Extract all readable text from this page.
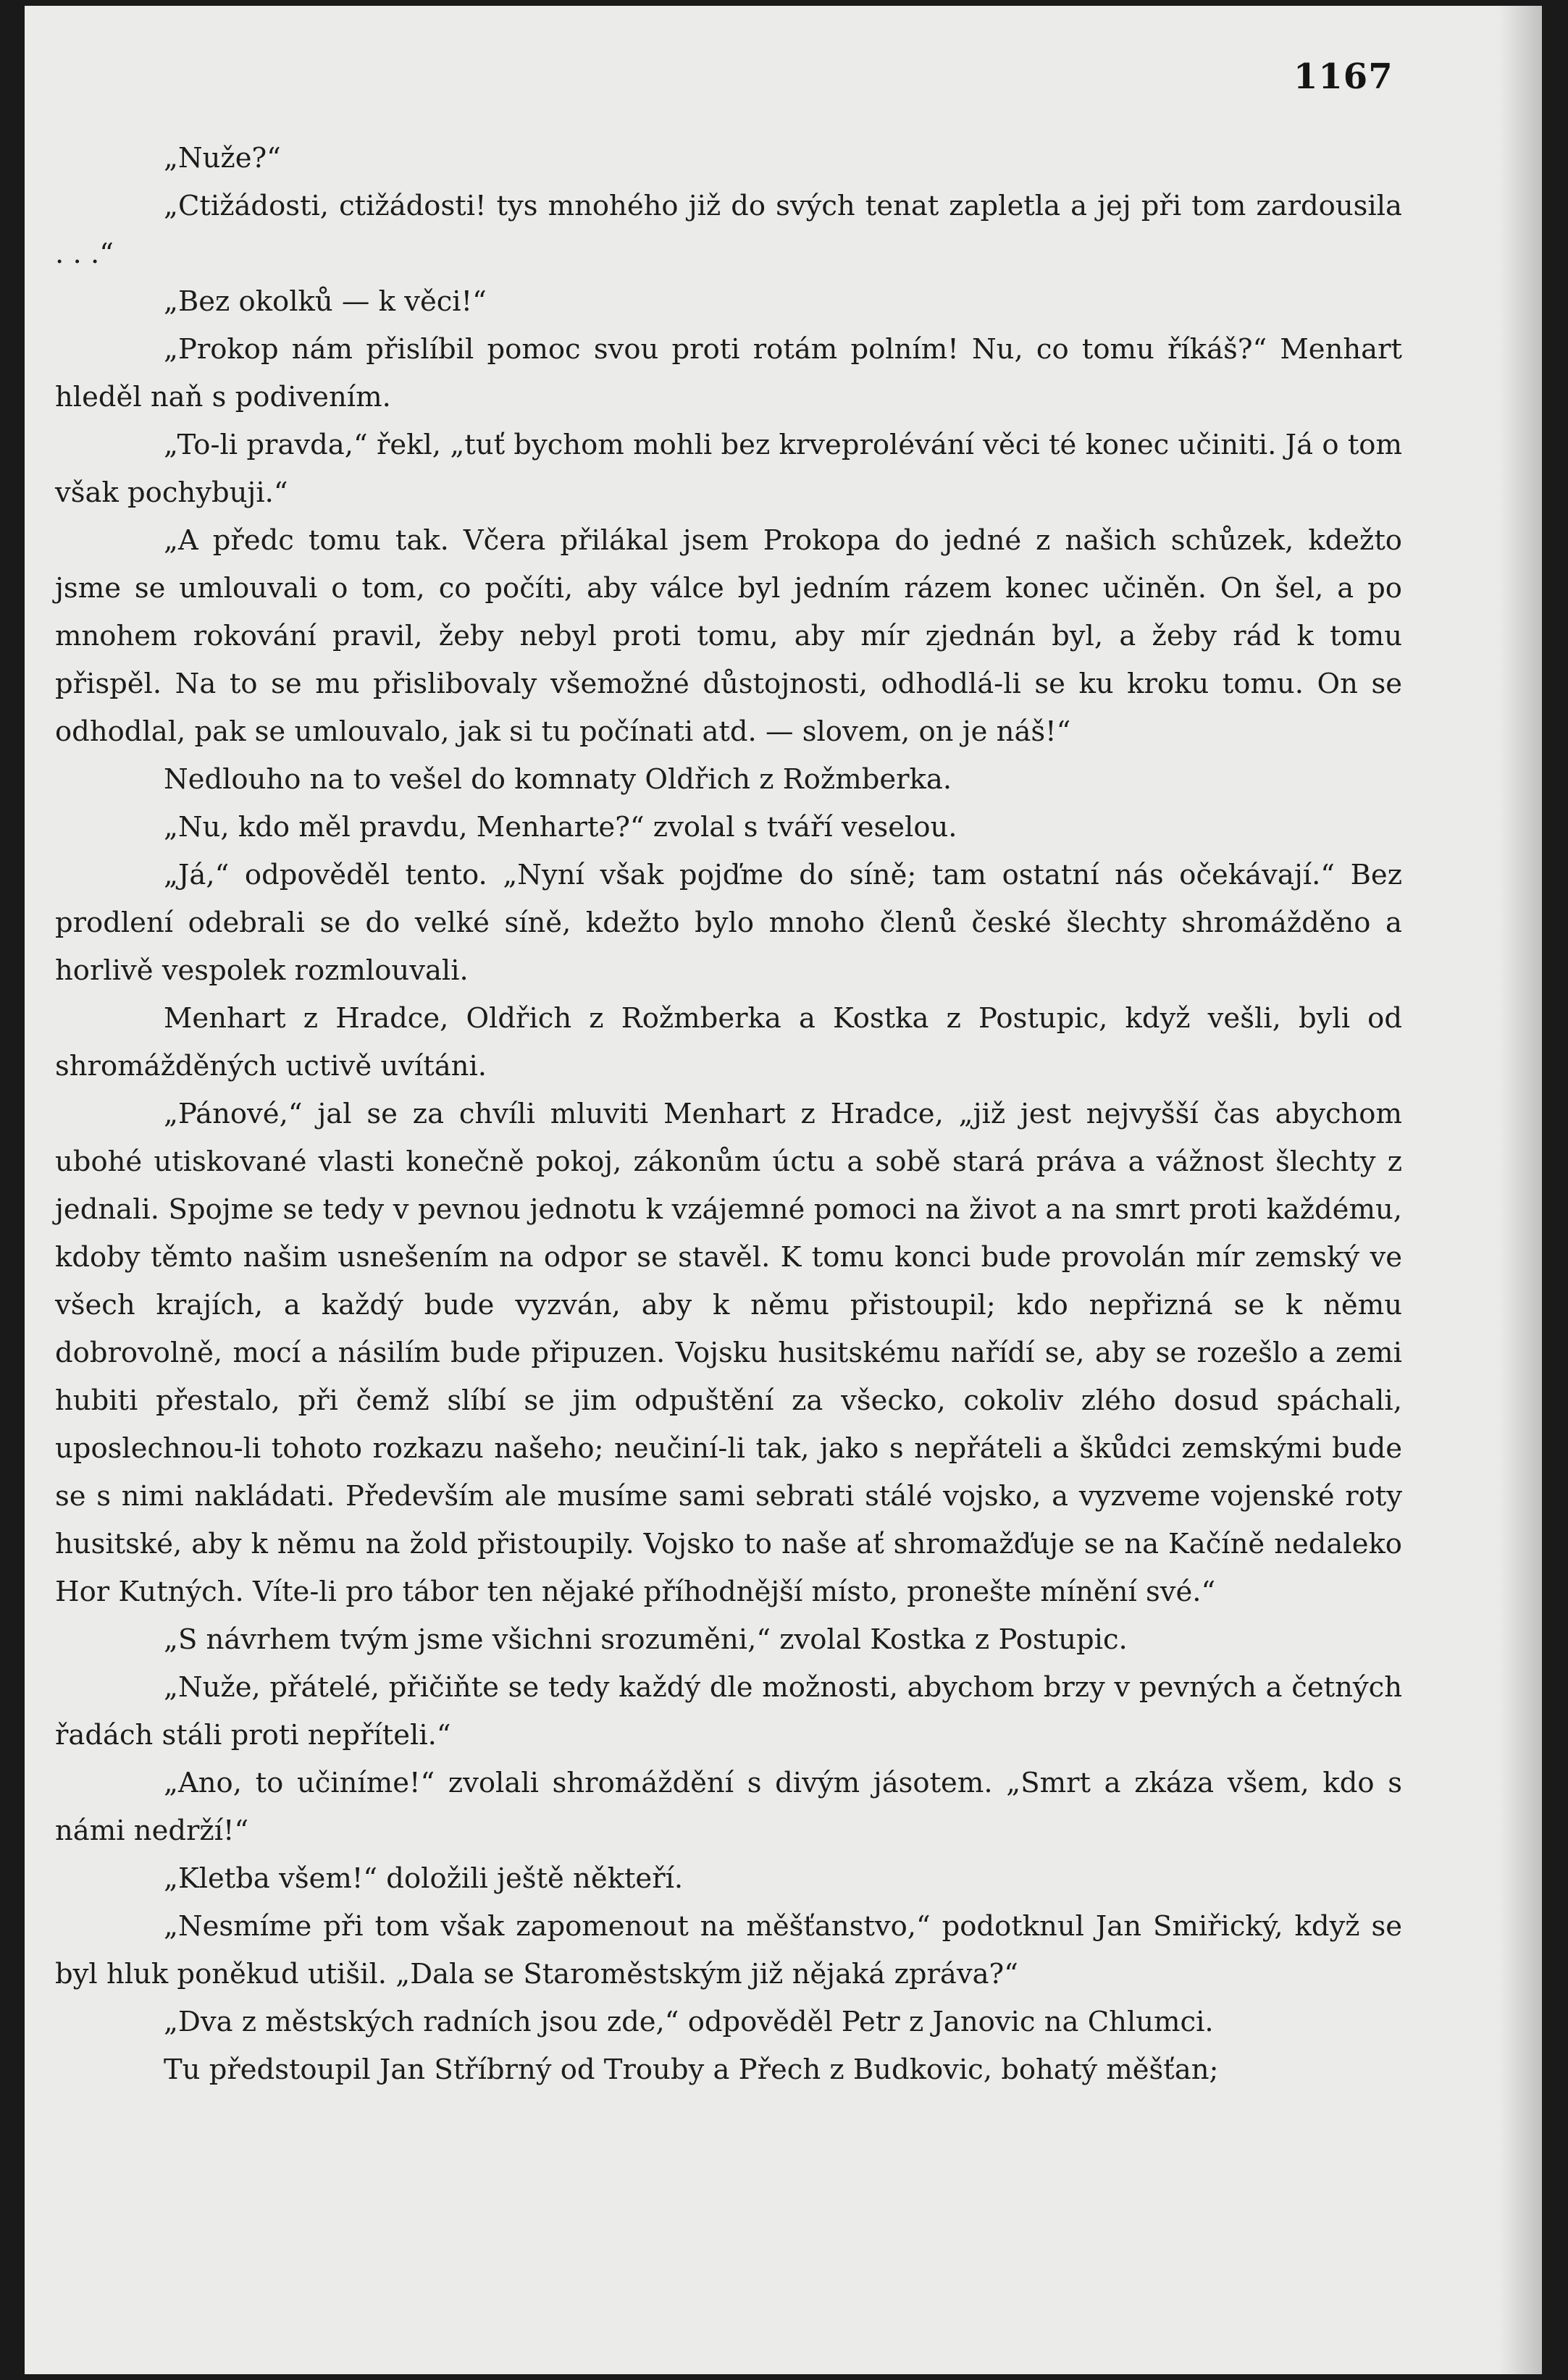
1167

„Nuže?“

„Ctižádosti, ctižádosti! tys mnohého již do svých tenat zapletla a jej při tom zardousila . . .“

„Bez okolků — k věci!“

„Prokop nám přislíbil pomoc svou proti rotám polním! Nu, co tomu říkáš?“ Menhart hleděl naň s podivením.

„To-li pravda,“ řekl, „tuť bychom mohli bez krveprolévání věci té konec učiniti. Já o tom však pochybuji.“

„A předc tomu tak. Včera přilákal jsem Prokopa do jedné z našich schůzek, kdežto jsme se umlouvali o tom, co počíti, aby válce byl jedním rázem konec učiněn. On šel, a po mnohem rokování pravil, žeby nebyl proti tomu, aby mír zjednán byl, a žeby rád k tomu přispěl. Na to se mu přislibovaly všemožné důstojnosti, odhodlá-li se ku kroku tomu. On se odhodlal, pak se umlouvalo, jak si tu počínati atd. — slovem, on je náš!“

Nedlouho na to vešel do komnaty Oldřich z Rožmberka.

„Nu, kdo měl pravdu, Menharte?“ zvolal s tváří veselou.

„Já,“ odpověděl tento. „Nyní však pojďme do síně; tam ostatní nás očekávají.“ Bez prodlení odebrali se do velké síně, kdežto bylo mnoho členů české šlechty shromážděno a horlivě vespolek rozmlouvali.

Menhart z Hradce, Oldřich z Rožmberka a Kostka z Postupic, když vešli, byli od shromážděných uctivě uvítáni.

„Pánové,“ jal se za chvíli mluviti Menhart z Hradce, „již jest nejvyšší čas abychom ubohé utiskované vlasti konečně pokoj, zákonům úctu a sobě stará práva a vážnost šlechty z jednali. Spojme se tedy v pevnou jednotu k vzájemné pomoci na život a na smrt proti každému, kdoby těmto našim usnešením na odpor se stavěl. K tomu konci bude provolán mír zemský ve všech krajích, a každý bude vyzván, aby k němu přistoupil; kdo nepřizná se k němu dobrovolně, mocí a násilím bude připuzen. Vojsku husitskému nařídí se, aby se rozešlo a zemi hubiti přestalo, při čemž slíbí se jim odpuštění za všecko, cokoliv zlého dosud spáchali, uposlechnou-li tohoto rozkazu našeho; neučiní-li tak, jako s nepřáteli a škůdci zemskými bude se s nimi nakládati. Především ale musíme sami sebrati stálé vojsko, a vyzveme vojenské roty husitské, aby k němu na žold přistoupily. Vojsko to naše ať shromažďuje se na Kačíně nedaleko Hor Kutných. Víte-li pro tábor ten nějaké příhodnější místo, pronešte mínění své.“

„S návrhem tvým jsme všichni srozuměni,“ zvolal Kostka z Postupic.

„Nuže, přátelé, přičiňte se tedy každý dle možnosti, abychom brzy v pevných a četných řadách stáli proti nepříteli.“

„Ano, to učiníme!“ zvolali shromáždění s divým jásotem. „Smrt a zkáza všem, kdo s námi nedrží!“

„Kletba všem!“ doložili ještě někteří.

„Nesmíme při tom však zapomenout na měšťanstvo,“ podotknul Jan Smiřický, když se byl hluk poněkud utišil. „Dala se Staroměstským již nějaká zpráva?“

„Dva z městských radních jsou zde,“ odpověděl Petr z Janovic na Chlumci.

Tu předstoupil Jan Stříbrný od Trouby a Přech z Budkovic, bohatý měšťan;
